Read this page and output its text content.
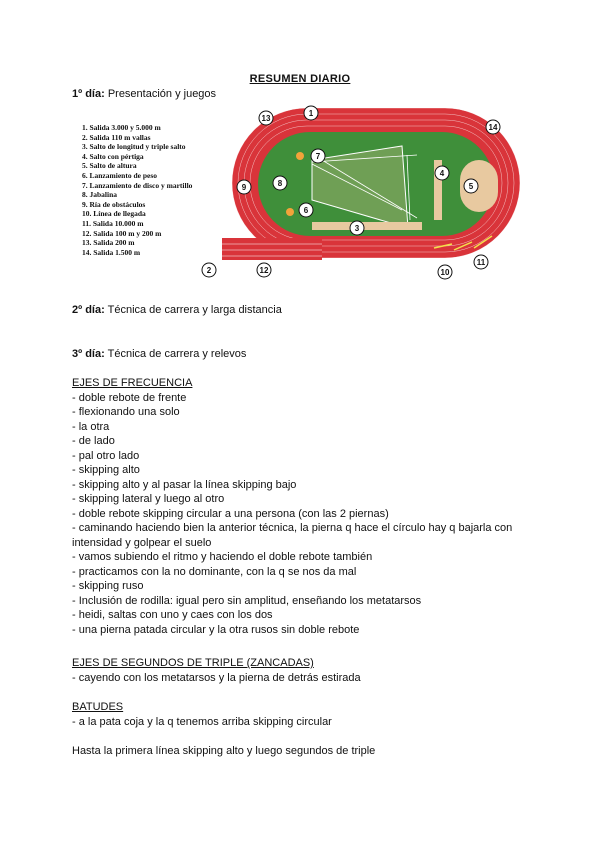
RESUMEN DIARIO
1º día: Presentación y juegos
1. Salida 3.000 y 5.000 m
2. Salida 110 m vallas
3. Salto de longitud y triple salto
4. Salto con pértiga
5. Salto de altura
6. Lanzamiento de peso
7. Lanzamiento de disco y martillo
8. Jabalina
9. Ría de obstáculos
10. Línea de llegada
11. Salida 10.000 m
12. Salida 100 m y 200 m
13. Salida 200 m
14. Salida 1.500 m
1
2
3
4
5
6
7
8
9
10
11
12
13
14
2º día: Técnica de carrera y larga distancia
3º día: Técnica de carrera y relevos
EJES DE FRECUENCIA
- doble rebote de frente
- flexionando una solo
- la otra
- de lado
- pal otro lado
- skipping alto
- skipping alto y al pasar la línea skipping bajo
- skipping lateral y luego al otro
- doble rebote skipping circular a una persona (con las 2 piernas)
- caminando haciendo bien la anterior técnica, la pierna q hace el círculo hay q bajarla con
intensidad y golpear el suelo
- vamos subiendo el ritmo y haciendo el doble rebote también
- practicamos con la no dominante, con la q se nos da mal
- skipping ruso
- Inclusión de rodilla: igual pero sin amplitud, enseñando los metatarsos
- heidi, saltas con uno y caes con los dos
- una pierna patada circular y la otra rusos sin doble rebote
EJES DE SEGUNDOS DE TRIPLE (ZANCADAS)
- cayendo con los metatarsos y la pierna de detrás estirada
BATUDES
- a la pata coja y la q tenemos arriba skipping circular
Hasta la primera línea skipping alto y luego segundos de triple
